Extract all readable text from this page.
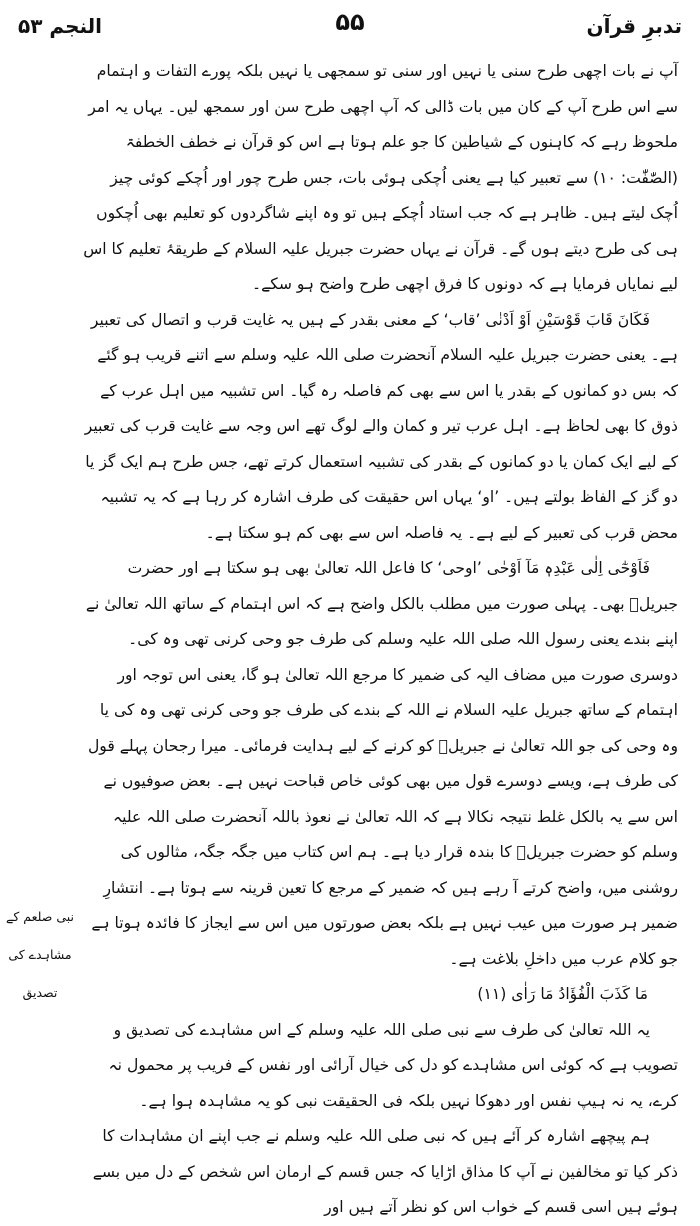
النجم ۵۳	۵۵	تدبرِ قرآن
نبی صلعم کے
مشاہدے کی
تصدیق

آپ نے بات اچھی طرح سنی یا نہیں اور سنی تو سمجھی یا نہیں بلکہ پورے التفات و اہتمام سے اس طرح آپ کے کان میں بات ڈالی کہ آپ اچھی طرح سن اور سمجھ لیں۔ یہاں یہ امر ملحوظ رہے کہ کاہنوں کے شیاطین کا جو علم ہوتا ہے اس کو قرآن نے خطف الخطفۃ (الصّٰفّٰت: ۱۰) سے تعبیر کیا ہے یعنی اُچکی ہوئی بات، جس طرح چور اور اُچکے کوئی چیز اُچک لیتے ہیں۔ ظاہر ہے کہ جب استاد اُچکے ہیں تو وہ اپنے شاگردوں کو تعلیم بھی اُچکوں ہی کی طرح دیتے ہوں گے۔ قرآن نے یہاں حضرت جبریل علیہ السلام کے طریقۂ تعلیم کا اس لیے نمایاں فرمایا ہے کہ دونوں کا فرق اچھی طرح واضح ہو سکے۔

فَکَانَ قَابَ قَوْسَیْنِ اَوْ اَدْنٰی ’قاب‘ کے معنی بقدر کے ہیں یہ غایت قرب و اتصال کی تعبیر ہے۔ یعنی حضرت جبریل علیہ السلام آنحضرت صلی اللہ علیہ وسلم سے اتنے قریب ہو گئے کہ بس دو کمانوں کے بقدر یا اس سے بھی کم فاصلہ رہ گیا۔ اس تشبیہ میں اہل عرب کے ذوق کا بھی لحاظ ہے۔ اہل عرب تیر و کمان والے لوگ تھے اس وجہ سے غایت قرب کی تعبیر کے لیے ایک کمان یا دو کمانوں کے بقدر کی تشبیہ استعمال کرتے تھے، جس طرح ہم ایک گز یا دو گز کے الفاظ بولتے ہیں۔ ’او‘ یہاں اس حقیقت کی طرف اشارہ کر رہا ہے کہ یہ تشبیہ محض قرب کی تعبیر کے لیے ہے۔ یہ فاصلہ اس سے بھی کم ہو سکتا ہے۔

فَاَوْحٰٓی اِلٰی عَبْدِہٖ مَآ اَوْحٰی ’اوحی‘ کا فاعل اللہ تعالیٰ بھی ہو سکتا ہے اور حضرت جبریلؑ بھی۔ پہلی صورت میں مطلب بالکل واضح ہے کہ اس اہتمام کے ساتھ اللہ تعالیٰ نے اپنے بندے یعنی رسول اللہ صلی اللہ علیہ وسلم کی طرف جو وحی کرنی تھی وہ کی۔ دوسری صورت میں مضاف الیہ کی ضمیر کا مرجع اللہ تعالیٰ ہو گا، یعنی اس توجہ اور اہتمام کے ساتھ جبریل علیہ السلام نے اللہ کے بندے کی طرف جو وحی کرنی تھی وہ کی یا وہ وحی کی جو اللہ تعالیٰ نے جبریلؑ کو کرنے کے لیے ہدایت فرمائی۔ میرا رجحان پہلے قول کی طرف ہے، ویسے دوسرے قول میں بھی کوئی خاص قباحت نہیں ہے۔ بعض صوفیوں نے اس سے یہ بالکل غلط نتیجہ نکالا ہے کہ اللہ تعالیٰ نے نعوذ باللہ آنحضرت صلی اللہ علیہ وسلم کو حضرت جبریلؑ کا بندہ قرار دیا ہے۔ ہم اس کتاب میں جگہ جگہ، مثالوں کی روشنی میں، واضح کرتے آ رہے ہیں کہ ضمیر کے مرجع کا تعین قرینہ سے ہوتا ہے۔ انتشارِ ضمیر ہر صورت میں عیب نہیں ہے بلکہ بعض صورتوں میں اس سے ایجاز کا فائدہ ہوتا ہے جو کلام عرب میں داخلِ بلاغت ہے۔

مَا کَذَبَ الْفُؤَادُ مَا رَاٰی (۱۱)

یہ اللہ تعالیٰ کی طرف سے نبی صلی اللہ علیہ وسلم کے اس مشاہدے کی تصدیق و تصویب ہے کہ کوئی اس مشاہدے کو دل کی خیال آرائی اور نفس کے فریب پر محمول نہ کرے، یہ نہ ہیپ نفس اور دھوکا نہیں بلکہ فی الحقیقت نبی کو یہ مشاہدہ ہوا ہے۔

ہم پیچھے اشارہ کر آئے ہیں کہ نبی صلی اللہ علیہ وسلم نے جب اپنے ان مشاہدات کا ذکر کیا تو مخالفین نے آپ کا مذاق اڑایا کہ جس قسم کے ارمان اس شخص کے دل میں بسے ہوئے ہیں اسی قسم کے خواب اس کو نظر آتے ہیں اور
